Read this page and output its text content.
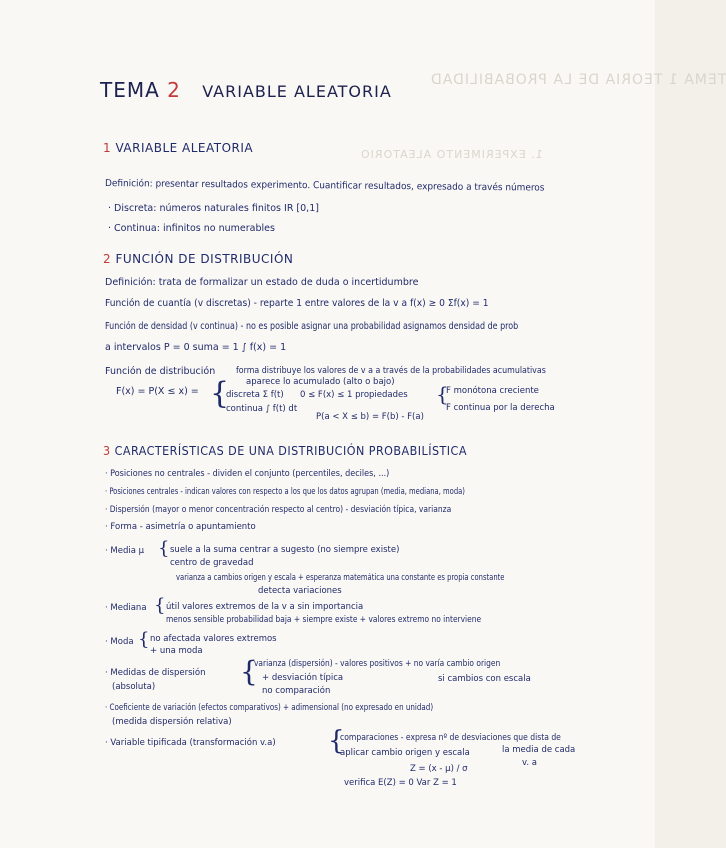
TEMA 1 TEORIA DE LA PROBABILIDAD
1. EXPERIMENTO ALEATORIO
TEMA 2 VARIABLE ALEATORIA
1 VARIABLE ALEATORIA
Definición: presentar resultados experimento. Cuantificar resultados, expresado a través números
· Discreta: números naturales finitos IR [0,1]
· Continua: infinitos no numerables
2 FUNCIÓN DE DISTRIBUCIÓN
Definición: trata de formalizar un estado de duda o incertidumbre
Función de cuantía (v discretas) - reparte 1 entre valores de la v a f(x) ≥ 0 Σf(x) = 1
Función de densidad (v continua) - no es posible asignar una probabilidad asignamos densidad de prob
a intervalos P = 0 suma = 1 ∫ f(x) = 1
Función de distribución forma distribuye los valores de v a a través de la probabilidades acumulativas
F(x) = P(X ≤ x) = { aparece lo acumulado (alto o bajo)
discreta Σ f(t) 0 ≤ F(x) ≤ 1 propiedades {
F monótona creciente
continua ∫ f(t) dt
P(a < X ≤ b) = F(b) - F(a)
F continua por la derecha
3 CARACTERÍSTICAS DE UNA DISTRIBUCIÓN PROBABILÍSTICA
· Posiciones no centrales - dividen el conjunto (percentiles, deciles, ...)
· Posiciones centrales - indican valores con respecto a los que los datos agrupan (media, mediana, moda)
· Dispersión (mayor o menor concentración respecto al centro) - desviación típica, varianza
· Forma - asimetría o apuntamiento
· Media μ { suele a la suma centrar a sugesto (no siempre existe)
centro de gravedad
varianza a cambios origen y escala + esperanza matemática una constante es propia constante
detecta variaciones
· Mediana { útil valores extremos de la v a sin importancia
menos sensible probabilidad baja + siempre existe + valores extremo no interviene
· Moda { no afectada valores extremos
+ una moda
· Medidas de dispersión
(absoluta)	{
varianza (dispersión) - valores positivos + no varía cambio origen
+ desviación típica	si cambios con escala
no comparación
· Coeficiente de variación (efectos comparativos) + adimensional (no expresado en unidad)
(medida dispersión relativa)
· Variable tipificada (transformación v.a) {
comparaciones - expresa nº de desviaciones que dista de
aplicar cambio origen y escala	la media de cada
v. a
Z = (x - μ) / σ
verifica E(Z) = 0 Var Z = 1
